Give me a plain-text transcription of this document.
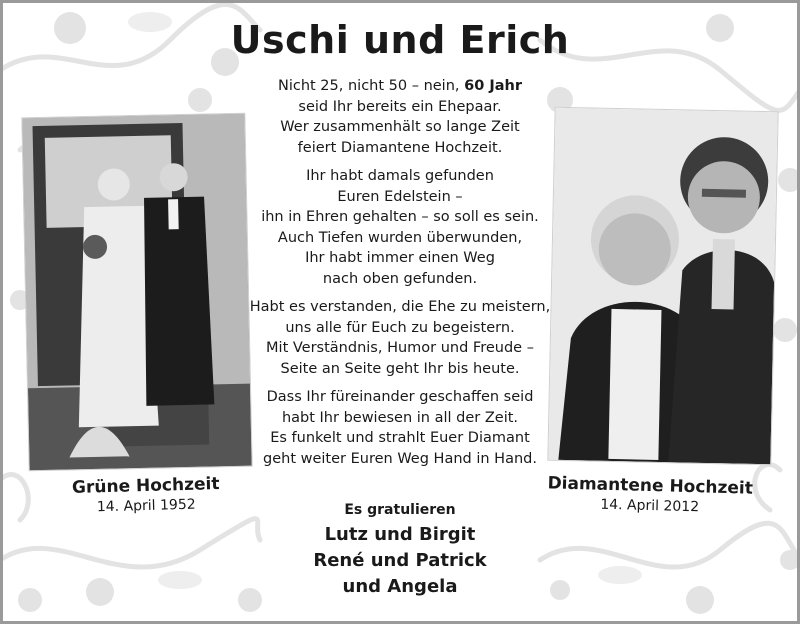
Uschi und Erich
Nicht 25, nicht 50 – nein, 60 Jahr
seid Ihr bereits ein Ehepaar.
Wer zusammenhält so lange Zeit
feiert Diamantene Hochzeit.
Ihr habt damals gefunden
Euren Edelstein –
ihn in Ehren gehalten – so soll es sein.
Auch Tiefen wurden überwunden,
Ihr habt immer einen Weg
nach oben gefunden.
Habt es verstanden, die Ehe zu meistern,
uns alle für Euch zu begeistern.
Mit Verständnis, Humor und Freude –
Seite an Seite geht Ihr bis heute.
Dass Ihr füreinander geschaffen seid
habt Ihr bewiesen in all der Zeit.
Es funkelt und strahlt Euer Diamant
geht weiter Euren Weg Hand in Hand.
Grüne Hochzeit
14. April 1952
Diamantene Hochzeit
14. April 2012
Es gratulieren
Lutz und Birgit
René und Patrick
und Angela
